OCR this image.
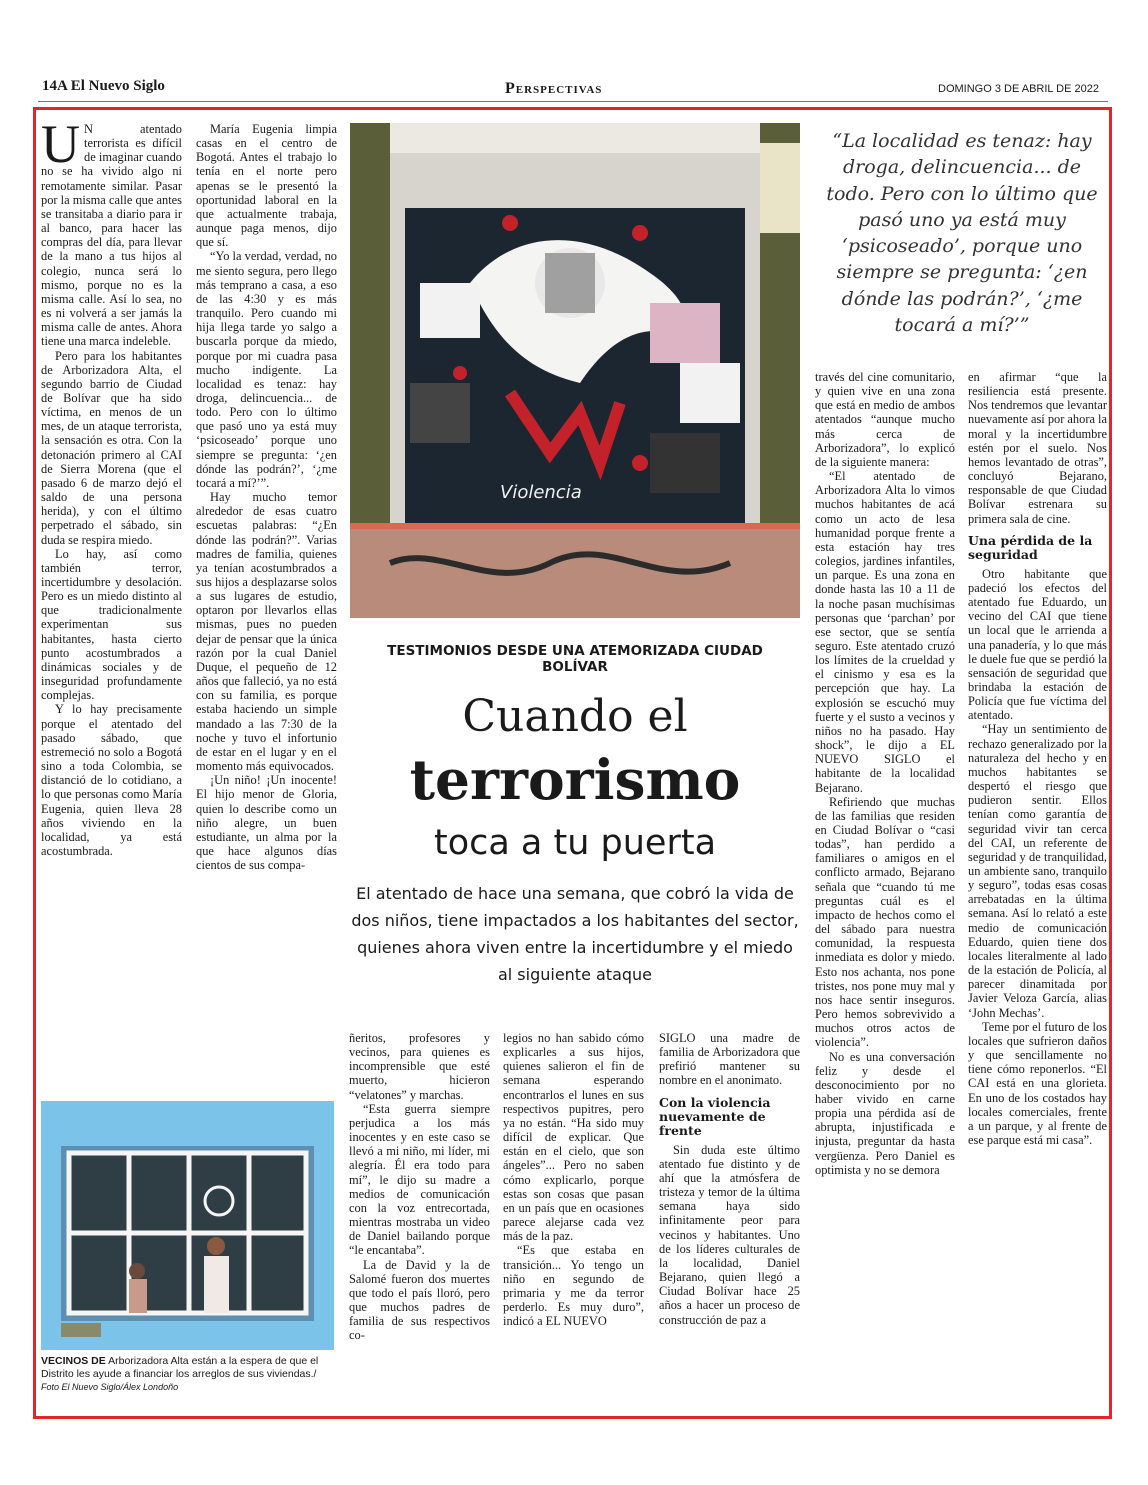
14A El Nuevo Siglo	Perspectivas	DOMINGO 3 DE ABRIL DE 2022

U N atentado terrorista es difícil de imaginar cuando no se ha vivido algo ni remotamente similar. Pasar por la misma calle que antes se transitaba a diario para ir al banco, para hacer las compras del día, para llevar de la mano a tus hijos al colegio, nunca será lo mismo, porque no es la misma calle. Así lo sea, no es ni volverá a ser jamás la misma calle de antes. Ahora tiene una marca indeleble.

Pero para los habitantes de Arborizadora Alta, el segundo barrio de Ciudad de Bolívar que ha sido víctima, en menos de un mes, de un ataque terrorista, la sensación es otra. Con la detonación primero al CAI de Sierra Morena (que el pasado 6 de marzo dejó el saldo de una persona herida), y con el último perpetrado el sábado, sin duda se respira miedo.

Lo hay, así como también terror, incertidumbre y desolación. Pero es un miedo distinto al que tradicionalmente experimentan sus habitantes, hasta cierto punto acostumbrados a dinámicas sociales y de inseguridad profundamente complejas.

Y lo hay precisamente porque el atentado del pasado sábado, que estremeció no solo a Bogotá sino a toda Colombia, se distanció de lo cotidiano, a lo que personas como María Eugenia, quien lleva 28 años viviendo en la localidad, ya está acostumbrada.

María Eugenia limpia casas en el centro de Bogotá. Antes el trabajo lo tenía en el norte pero apenas se le presentó la oportunidad laboral en la que actualmente trabaja, aunque paga menos, dijo que sí.

“Yo la verdad, verdad, no me siento segura, pero llego más temprano a casa, a eso de las 4:30 y es más tranquilo. Pero cuando mi hija llega tarde yo salgo a buscarla porque da miedo, porque por mi cuadra pasa mucho indigente. La localidad es tenaz: hay droga, delincuencia... de todo. Pero con lo último que pasó uno ya está muy ‘psicoseado’ porque uno siempre se pregunta: ‘¿en dónde las podrán?’, ‘¿me tocará a mí?’”.

Hay mucho temor alrededor de esas cuatro escuetas palabras: “¿En dónde las podrán?”. Varias madres de familia, quienes ya tenían acostumbrados a sus hijos a desplazarse solos a sus lugares de estudio, optaron por llevarlos ellas mismas, pues no pueden dejar de pensar que la única razón por la cual Daniel Duque, el pequeño de 12 años que falleció, ya no está con su familia, es porque estaba haciendo un simple mandado a las 7:30 de la noche y tuvo el infortunio de estar en el lugar y en el momento más equivocados.

¡Un niño! ¡Un inocente! El hijo menor de Gloria, quien lo describe como un niño alegre, un buen estudiante, un alma por la que hace algunos días cientos de sus compa-

Violencia
“La localidad es tenaz: hay droga, delincuencia... de todo. Pero con lo último que pasó uno ya está muy ‘psicoseado’, porque uno siempre se pregunta: ‘¿en dónde las podrán?’, ‘¿me tocará a mí?’”
TESTIMONIOS DESDE UNA ATEMORIZADA CIUDAD BOLÍVAR
Cuando el
terrorismo
toca a tu puerta
El atentado de hace una semana, que cobró la vida de dos niños, tiene impactados a los habitantes del sector, quienes ahora viven entre la incertidumbre y el miedo al siguiente ataque
VECINOS DE Arborizadora Alta están a la espera de que el Distrito les ayude a financiar los arreglos de sus viviendas./ Foto El Nuevo Siglo/Álex Londoño

ñeritos, profesores y vecinos, para quienes es incomprensible que esté muerto, hicieron “velatones” y marchas.

“Esta guerra siempre perjudica a los más inocentes y en este caso se llevó a mi niño, mi líder, mi alegría. Él era todo para mí”, le dijo su madre a medios de comunicación con la voz entrecortada, mientras mostraba un video de Daniel bailando porque “le encantaba”.

La de David y la de Salomé fueron dos muertes que todo el país lloró, pero que muchos padres de familia de sus respectivos co-

legios no han sabido cómo explicarles a sus hijos, quienes salieron el fin de semana esperando encontrarlos el lunes en sus respectivos pupitres, pero ya no están. “Ha sido muy difícil de explicar. Que están en el cielo, que son ángeles”... Pero no saben cómo explicarlo, porque estas son cosas que pasan en un país que en ocasiones parece alejarse cada vez más de la paz.

“Es que estaba en transición... Yo tengo un niño en segundo de primaria y me da terror perderlo. Es muy duro”, indicó a EL NUEVO

SIGLO una madre de familia de Arborizadora que prefirió mantener su nombre en el anonimato.

Con la violencia nuevamente de frente

Sin duda este último atentado fue distinto y de ahí que la atmósfera de tristeza y temor de la última semana haya sido infinitamente peor para vecinos y habitantes. Uno de los líderes culturales de la localidad, Daniel Bejarano, quien llegó a Ciudad Bolívar hace 25 años a hacer un proceso de construcción de paz a

través del cine comunitario, y quien vive en una zona que está en medio de ambos atentados “aunque mucho más cerca de Arborizadora”, lo explicó de la siguiente manera:

“El atentado de Arborizadora Alta lo vimos muchos habitantes de acá como un acto de lesa humanidad porque frente a esta estación hay tres colegios, jardines infantiles, un parque. Es una zona en donde hasta las 10 a 11 de la noche pasan muchísimas personas que ‘parchan’ por ese sector, que se sentía seguro. Este atentado cruzó los límites de la crueldad y el cinismo y esa es la percepción que hay. La explosión se escuchó muy fuerte y el susto a vecinos y niños no ha pasado. Hay shock”, le dijo a EL NUEVO SIGLO el habitante de la localidad Bejarano.

Refiriendo que muchas de las familias que residen en Ciudad Bolívar o “casi todas”, han perdido a familiares o amigos en el conflicto armado, Bejarano señala que “cuando tú me preguntas cuál es el impacto de hechos como el del sábado para nuestra comunidad, la respuesta inmediata es dolor y miedo. Esto nos achanta, nos pone tristes, nos pone muy mal y nos hace sentir inseguros. Pero hemos sobrevivido a muchos otros actos de violencia”.

No es una conversación feliz y desde el desconocimiento por no haber vivido en carne propia una pérdida así de abrupta, injustificada e injusta, preguntar da hasta vergüenza. Pero Daniel es optimista y no se demora

en afirmar “que la resiliencia está presente. Nos tendremos que levantar nuevamente así por ahora la moral y la incertidumbre estén por el suelo. Nos hemos levantado de otras”, concluyó Bejarano, responsable de que Ciudad Bolívar estrenara su primera sala de cine.

Una pérdida de la seguridad

Otro habitante que padeció los efectos del atentado fue Eduardo, un vecino del CAI que tiene un local que le arrienda a una panadería, y lo que más le duele fue que se perdió la sensación de seguridad que brindaba la estación de Policía que fue víctima del atentado.

“Hay un sentimiento de rechazo generalizado por la naturaleza del hecho y en muchos habitantes se despertó el riesgo que pudieron sentir. Ellos tenían como garantía de seguridad vivir tan cerca del CAI, un referente de seguridad y de tranquilidad, un ambiente sano, tranquilo y seguro”, todas esas cosas arrebatadas en la última semana. Así lo relató a este medio de comunicación Eduardo, quien tiene dos locales literalmente al lado de la estación de Policía, al parecer dinamitada por Javier Veloza García, alias ‘John Mechas’.

Teme por el futuro de los locales que sufrieron daños y que sencillamente no tiene cómo reponerlos. “El CAI está en una glorieta. En uno de los costados hay locales comerciales, frente a un parque, y al frente de ese parque está mi casa”.
